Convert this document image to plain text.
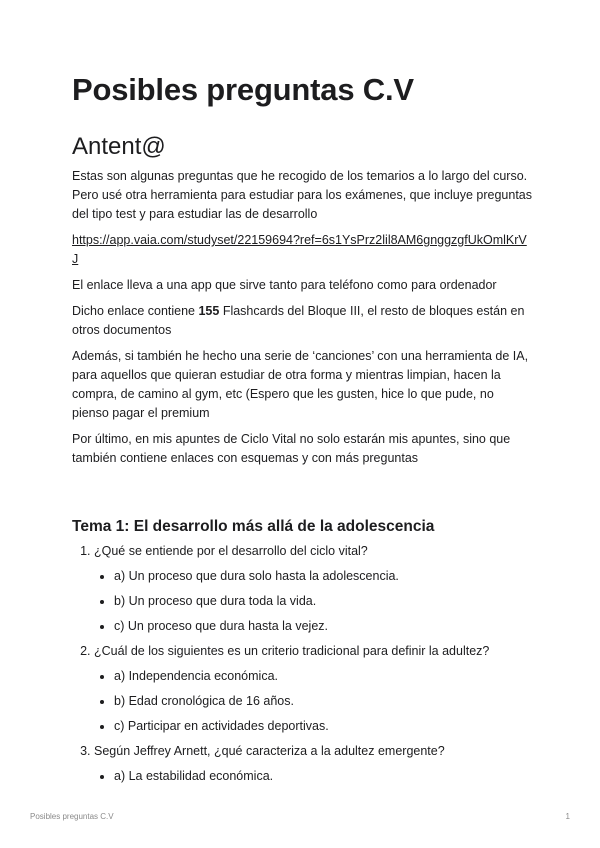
Posibles preguntas C.V
Antent@

Estas son algunas preguntas que he recogido de los temarios a lo largo del curso. Pero usé otra herramienta para estudiar para los exámenes, que incluye preguntas del tipo test y para estudiar las de desarrollo

https://app.vaia.com/studyset/22159694?ref=6s1YsPrz2lil8AM6gnggzgfUkOmlKrVJ

El enlace lleva a una app que sirve tanto para teléfono como para ordenador

Dicho enlace contiene 155 Flashcards del Bloque III, el resto de bloques están en otros documentos

Además, si también he hecho una serie de ‘canciones’ con una herramienta de IA, para aquellos que quieran estudiar de otra forma y mientras limpian, hacen la compra, de camino al gym, etc (Espero que les gusten, hice lo que pude, no pienso pagar el premium

Por último, en mis apuntes de Ciclo Vital no solo estarán mis apuntes, sino que también contiene enlaces con esquemas y con más preguntas

Tema 1: El desarrollo más allá de la adolescencia
1. ¿Qué se entiende por el desarrollo del ciclo vital?
• a) Un proceso que dura solo hasta la adolescencia.
• b) Un proceso que dura toda la vida.
• c) Un proceso que dura hasta la vejez.
2. ¿Cuál de los siguientes es un criterio tradicional para definir la adultez?
• a) Independencia económica.
• b) Edad cronológica de 16 años.
• c) Participar en actividades deportivas.
3. Según Jeffrey Arnett, ¿qué caracteriza a la adultez emergente?
• a) La estabilidad económica.
Posibles preguntas C.V	1
